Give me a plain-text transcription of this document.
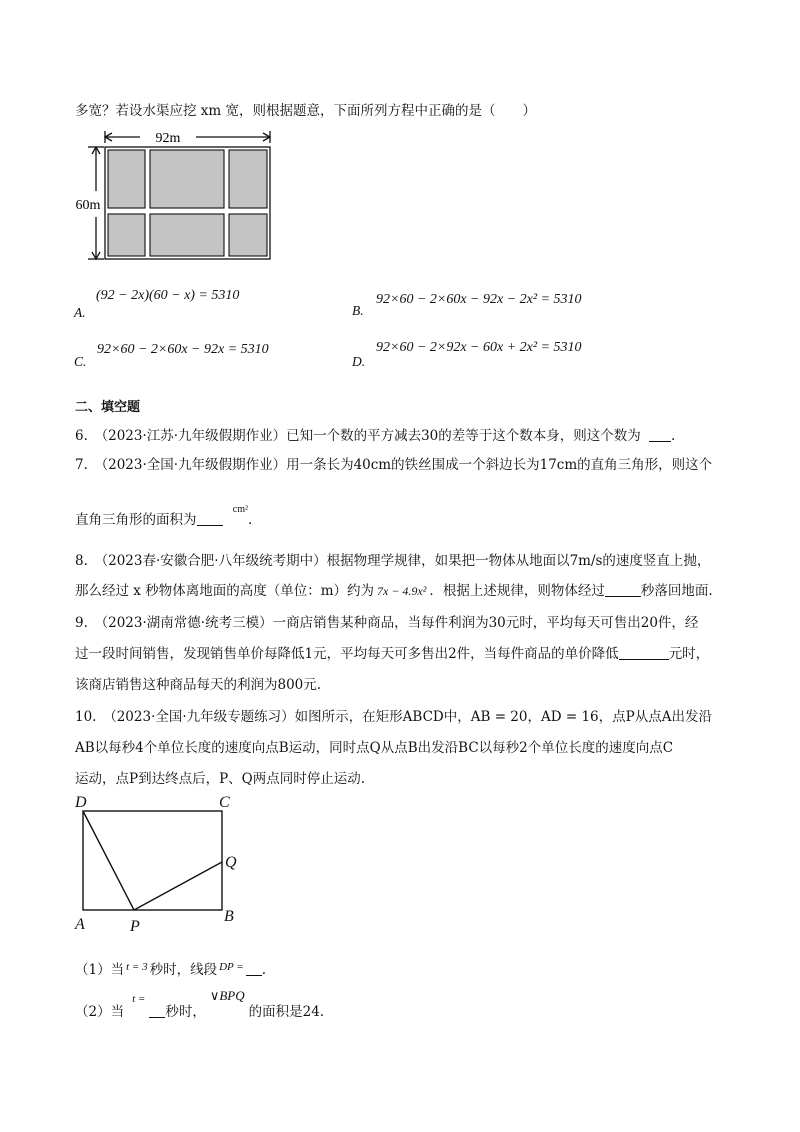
多宽？若设水渠应挖 xm 宽，则根据题意，下面所列方程中正确的是（　　）
92m
60m
A.
(92 − 2x)(60 − x) = 5310
B.
92×60 − 2×60x − 92x − 2x² = 5310
C.
92×60 − 2×60x − 92x = 5310
D.
92×60 − 2×92x − 60x + 2x² = 5310
二、填空题
6.　（2023·江苏·九年级假期作业）已知一个数的平方减去30的差等于这个数本身，则这个数为 .
7.　（2023·全国·九年级假期作业）用一条长为40cm的铁丝围成一个斜边长为17cm的直角三角形，则这个
直角三角形的面积为 $^{cm^2}$.
8.　（2023春·安徽合肥·八年级统考期中）根据物理学规律，如果把一物体从地面以7m/s的速度竖直上抛，
那么经过 x 秒物体离地面的高度（单位：m）约为 7x − 4.9x² ．根据上述规律，则物体经过	秒落回地面.
9.　（2023·湖南常德·统考三模）一商店销售某种商品，当每件利润为30元时，平均每天可售出20件，经
过一段时间销售，发现销售单价每降低1元，平均每天可多售出2件，当每件商品的单价降低	元时，
该商店销售这种商品每天的利润为800元.
10.　（2023·全国·九年级专题练习）如图所示，在矩形ABCD中，AB = 20，AD = 16，点P从点A出发沿
AB以每秒4个单位长度的速度向点B运动，同时点Q从点B出发沿BC以每秒2个单位长度的速度向点C
运动，点P到达终点后，P、Q两点同时停止运动.
D	C
Q
A	P
B
（1）当 $^{t = 3}$ 秒时，线段 $^{DP =}$ .
（2）当$^{t =}$秒时，∨BPQ的面积是24.
